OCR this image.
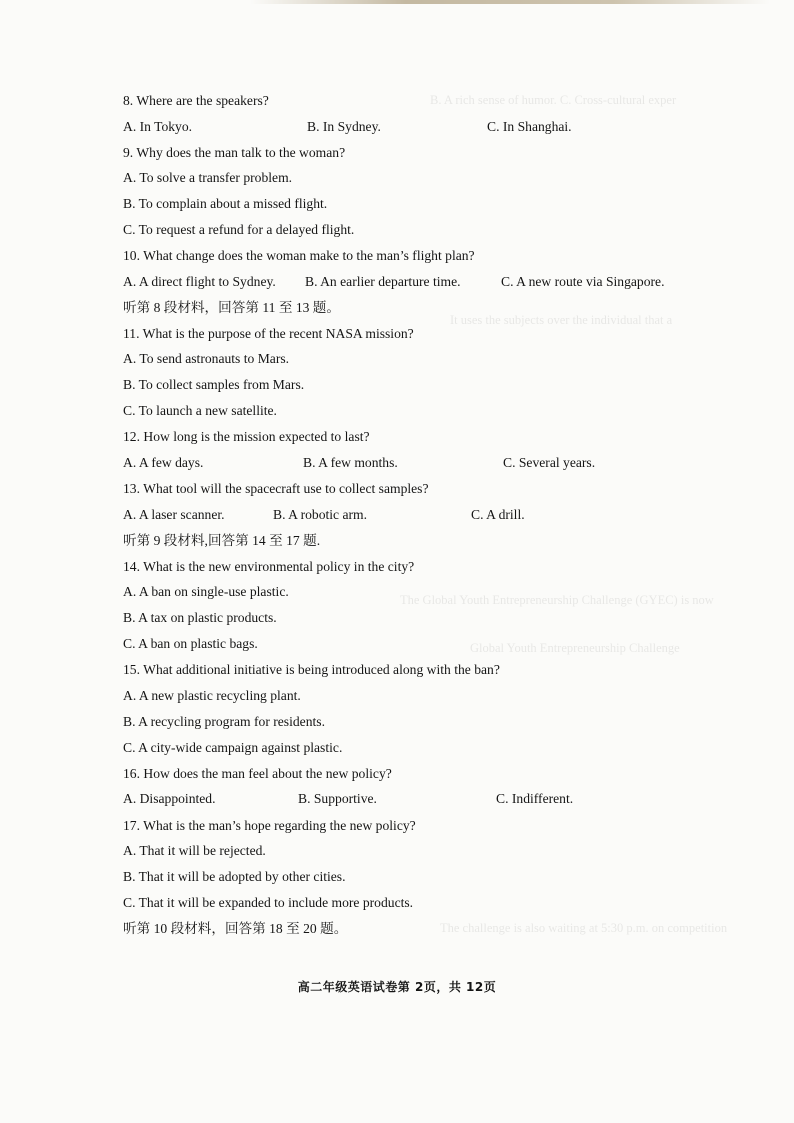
B. A rich sense of humor. C. Cross-cultural exper
It uses the subjects over the individual that a
The Global Youth Entrepreneurship Challenge (GYEC) is now
Global Youth Entrepreneurship Challenge
The challenge is also waiting at 5:30 p.m. on competition
8. Where are the speakers?
A. In Tokyo.	B. In Sydney.	C. In Shanghai.
9. Why does the man talk to the woman?
A. To solve a transfer problem.
B. To complain about a missed flight.
C. To request a refund for a delayed flight.
10. What change does the woman make to the man’s flight plan?
A. A direct flight to Sydney. B. An earlier departure time.	C. A new route via Singapore.
听第 8 段材料，回答第 11 至 13 题。
11. What is the purpose of the recent NASA mission?
A. To send astronauts to Mars.
B. To collect samples from Mars.
C. To launch a new satellite.
12. How long is the mission expected to last?
A. A few days.	B. A few months.	C. Several years.
13. What tool will the spacecraft use to collect samples?
A. A laser scanner.	B. A robotic arm.	C. A drill.
听第 9 段材料,回答第 14 至 17 题.
14. What is the new environmental policy in the city?
A. A ban on single-use plastic.
B. A tax on plastic products.
C. A ban on plastic bags.
15. What additional initiative is being introduced along with the ban?
A. A new plastic recycling plant.
B. A recycling program for residents.
C. A city-wide campaign against plastic.
16. How does the man feel about the new policy?
A. Disappointed.	B. Supportive.	C. Indifferent.
17. What is the man’s hope regarding the new policy?
A. That it will be rejected.
B. That it will be adopted by other cities.
C. That it will be expanded to include more products.
听第 10 段材料，回答第 18 至 20 题。
高二年级英语试卷第 2页，共 12页
